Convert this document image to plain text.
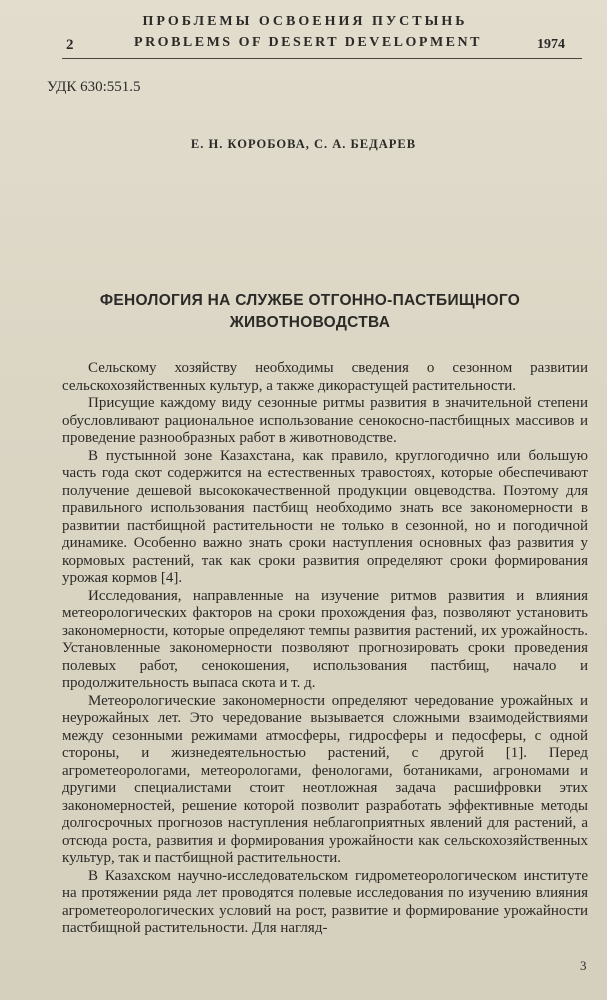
ПРОБЛЕМЫ ОСВОЕНИЯ ПУСТЫНЬ
2	PROBLEMS OF DESERT DEVELOPMENT	1974
УДК 630:551.5
Е. Н. КОРОБОВА, С. А. БЕДАРЕВ
ФЕНОЛОГИЯ НА СЛУЖБЕ ОТГОННО-ПАСТБИЩНОГО ЖИВОТНОВОДСТВА

Сельскому хозяйству необходимы сведения о сезонном развитии сельскохозяйственных культур, а также дикорастущей растительности.

Присущие каждому виду сезонные ритмы развития в значительной степени обусловливают рациональное использование сенокосно-пастбищных массивов и проведение разнообразных работ в животноводстве.

В пустынной зоне Казахстана, как правило, круглогодично или большую часть года скот содержится на естественных травостоях, которые обеспечивают получение дешевой высококачественной продукции овцеводства. Поэтому для правильного использования пастбищ необходимо знать все закономерности в развитии пастбищной растительности не только в сезонной, но и погодичной динамике. Особенно важно знать сроки наступления основных фаз развития у кормовых растений, так как сроки развития определяют сроки формирования урожая кормов [4].

Исследования, направленные на изучение ритмов развития и влияния метеорологических факторов на сроки прохождения фаз, позволяют установить закономерности, которые определяют темпы развития растений, их урожайность. Установленные закономерности позволяют прогнозировать сроки проведения полевых работ, сенокошения, использования пастбищ, начало и продолжительность выпаса скота и т. д.

Метеорологические закономерности определяют чередование урожайных и неурожайных лет. Это чередование вызывается сложными взаимодействиями между сезонными режимами атмосферы, гидросферы и педосферы, с одной стороны, и жизнедеятельностью растений, с другой [1]. Перед агрометеорологами, метеорологами, фенологами, ботаниками, агрономами и другими специалистами стоит неотложная задача расшифровки этих закономерностей, решение которой позволит разработать эффективные методы долгосрочных прогнозов наступления неблагоприятных явлений для растений, а отсюда роста, развития и формирования урожайности как сельскохозяйственных культур, так и пастбищной растительности.

В Казахском научно-исследовательском гидрометеорологическом институте на протяжении ряда лет проводятся полевые исследования по изучению влияния агрометеорологических условий на рост, развитие и формирование урожайности пастбищной растительности. Для нагляд-

3
